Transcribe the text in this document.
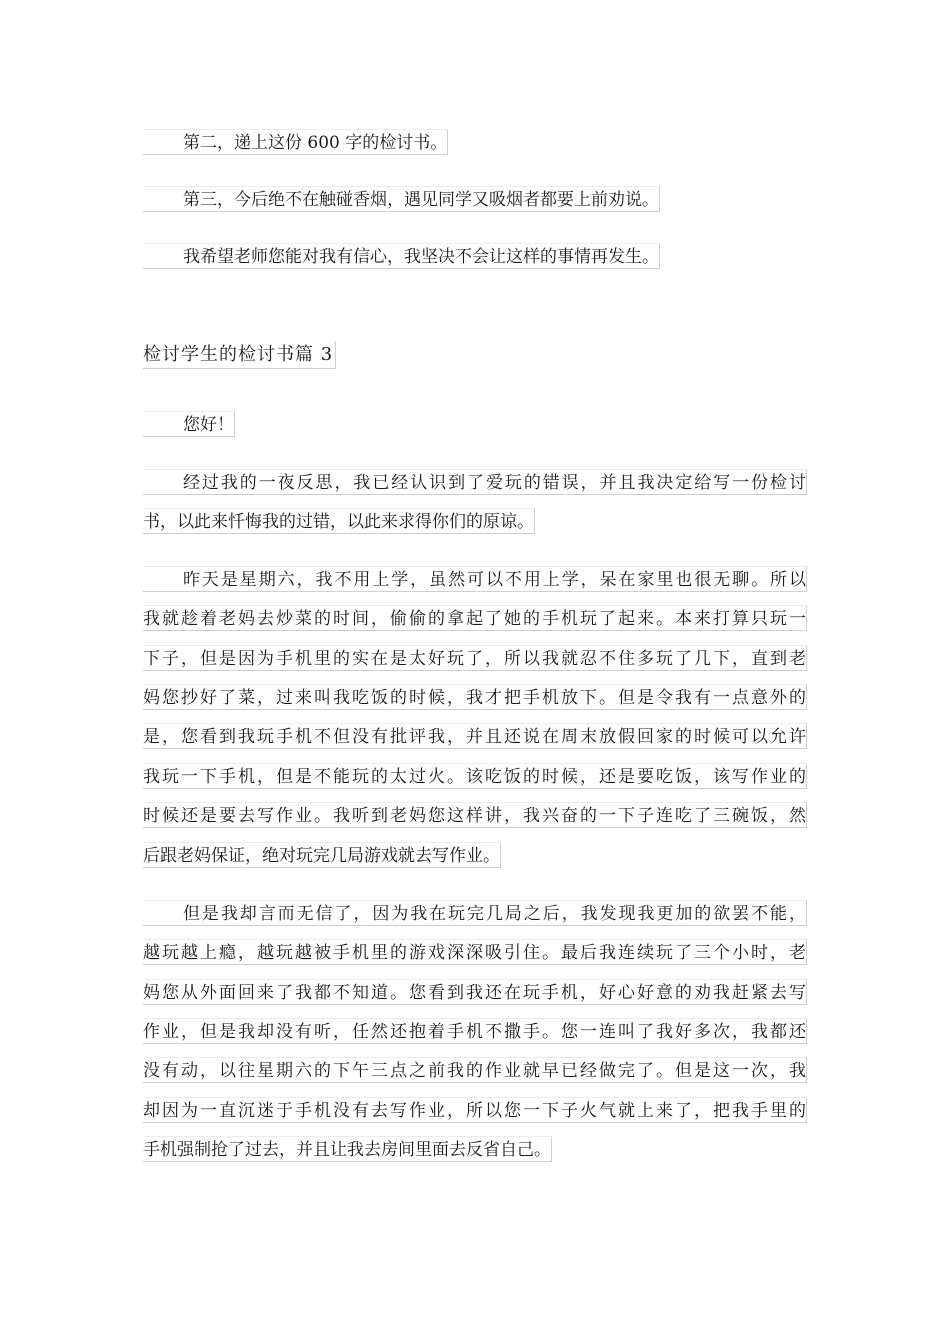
第二，递上这份 600 字的检讨书。
第三，今后绝不在触碰香烟，遇见同学又吸烟者都要上前劝说。
我希望老师您能对我有信心，我坚决不会让这样的事情再发生。
检讨学生的检讨书篇 3
您好！
经过我的一夜反思，我已经认识到了爱玩的错误，并且我决定给写一份检讨
书，以此来忏悔我的过错，以此来求得你们的原谅。
昨天是星期六，我不用上学，虽然可以不用上学，呆在家里也很无聊。所以
我就趁着老妈去炒菜的时间，偷偷的拿起了她的手机玩了起来。本来打算只玩一
下子，但是因为手机里的实在是太好玩了，所以我就忍不住多玩了几下，直到老
妈您抄好了菜，过来叫我吃饭的时候，我才把手机放下。但是令我有一点意外的
是，您看到我玩手机不但没有批评我，并且还说在周末放假回家的时候可以允许
我玩一下手机，但是不能玩的太过火。该吃饭的时候，还是要吃饭，该写作业的
时候还是要去写作业。我听到老妈您这样讲，我兴奋的一下子连吃了三碗饭，然
后跟老妈保证，绝对玩完几局游戏就去写作业。
但是我却言而无信了，因为我在玩完几局之后，我发现我更加的欲罢不能，
越玩越上瘾，越玩越被手机里的游戏深深吸引住。最后我连续玩了三个小时，老
妈您从外面回来了我都不知道。您看到我还在玩手机，好心好意的劝我赶紧去写
作业，但是我却没有听，任然还抱着手机不撒手。您一连叫了我好多次，我都还
没有动，以往星期六的下午三点之前我的作业就早已经做完了。但是这一次，我
却因为一直沉迷于手机没有去写作业，所以您一下子火气就上来了，把我手里的
手机强制抢了过去，并且让我去房间里面去反省自己。
